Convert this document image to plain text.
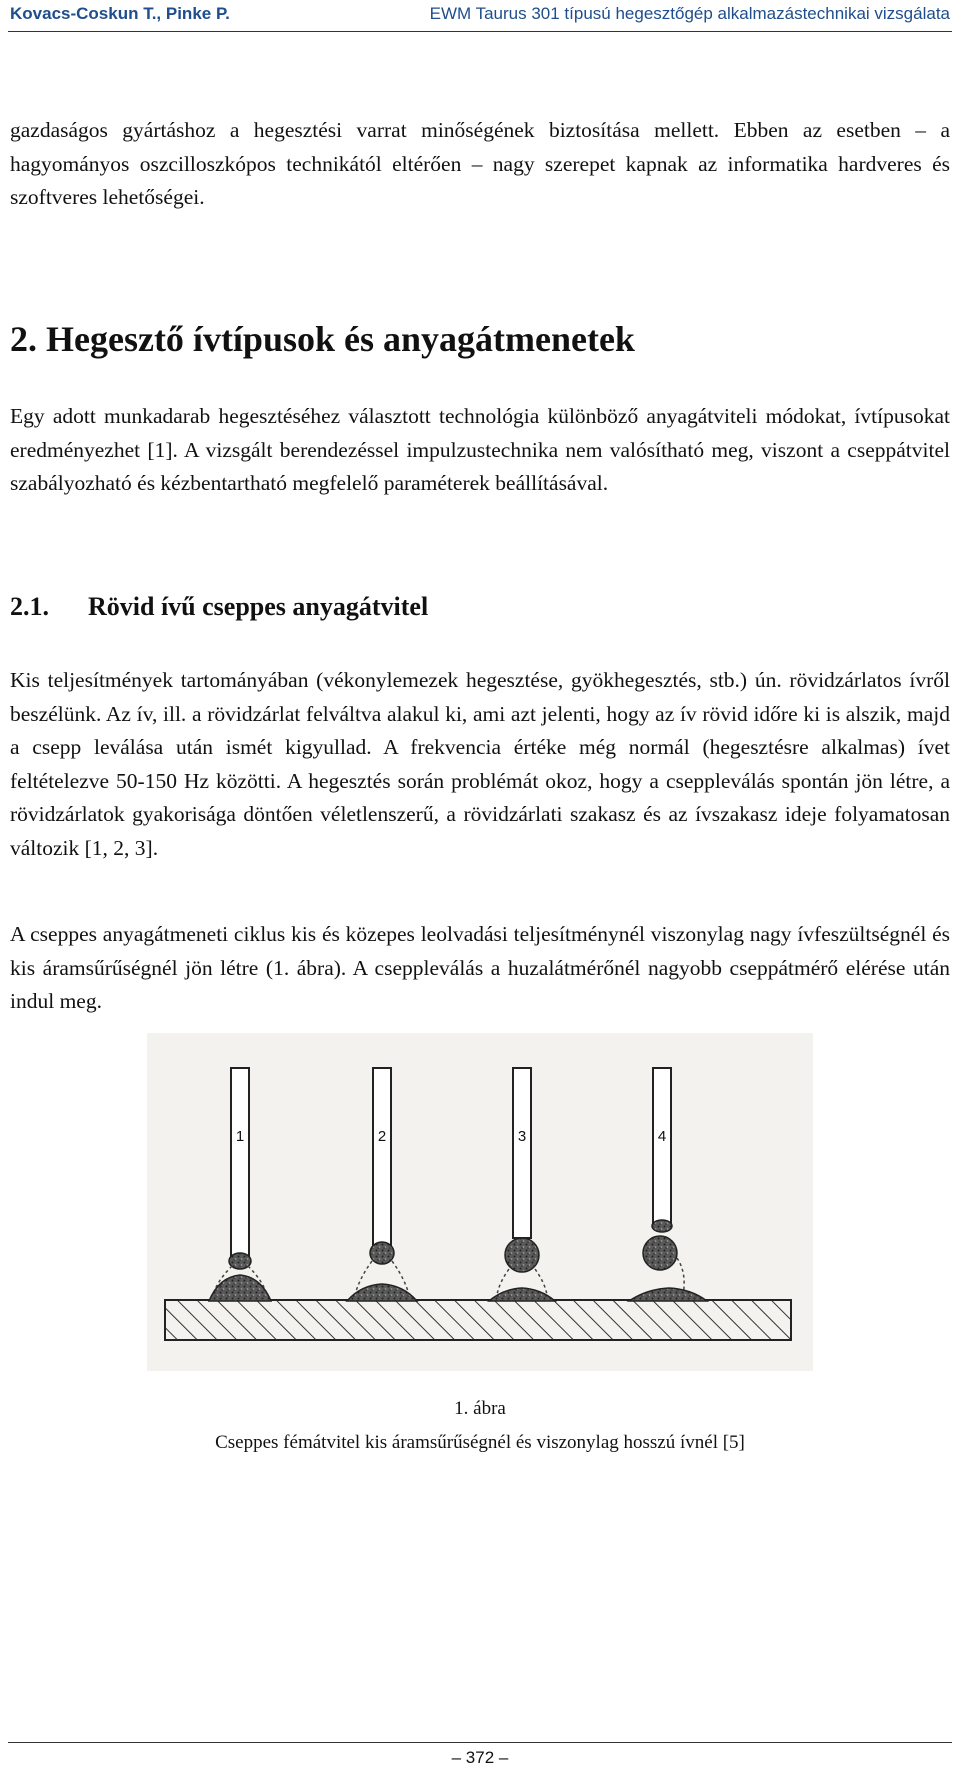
Kovacs-Coskun T., Pinke P.	EWM Taurus 301 típusú hegesztőgép alkalmazástechnikai vizsgálata

gazdaságos gyártáshoz a hegesztési varrat minőségének biztosítása mellett. Ebben az esetben – a hagyományos oszcilloszkópos technikától eltérően – nagy szerepet kapnak az informatika hardveres és szoftveres lehetőségei.

2. Hegesztő ívtípusok és anyagátmenetek

Egy adott munkadarab hegesztéséhez választott technológia különböző anyagátviteli módokat, ívtípusokat eredményezhet [1]. A vizsgált berendezéssel impulzustechnika nem valósítható meg, viszont a cseppátvitel szabályozható és kézbentartható megfelelő paraméterek beállításával.

2.1. Rövid ívű cseppes anyagátvitel

Kis teljesítmények tartományában (vékonylemezek hegesztése, gyökhegesztés, stb.) ún. rövidzárlatos ívről beszélünk. Az ív, ill. a rövidzárlat felváltva alakul ki, ami azt jelenti, hogy az ív rövid időre ki is alszik, majd a csepp leválása után ismét kigyullad. A frekvencia értéke még normál (hegesztésre alkalmas) ívet feltételezve 50-150 Hz közötti. A hegesztés során problémát okoz, hogy a cseppleválás spontán jön létre, a rövidzárlatok gyakorisága döntően véletlenszerű, a rövidzárlati szakasz és az ívszakasz ideje folyamatosan változik [1, 2, 3].

A cseppes anyagátmeneti ciklus kis és közepes leolvadási teljesítménynél viszonylag nagy ívfeszültségnél és kis áramsűrűségnél jön létre (1. ábra). A cseppleválás a huzalátmérőnél nagyobb cseppátmérő elérése után indul meg.

1	2	3	4
1. ábra
Cseppes fémátvitel kis áramsűrűségnél és viszonylag hosszú ívnél [5]
– 372 –
